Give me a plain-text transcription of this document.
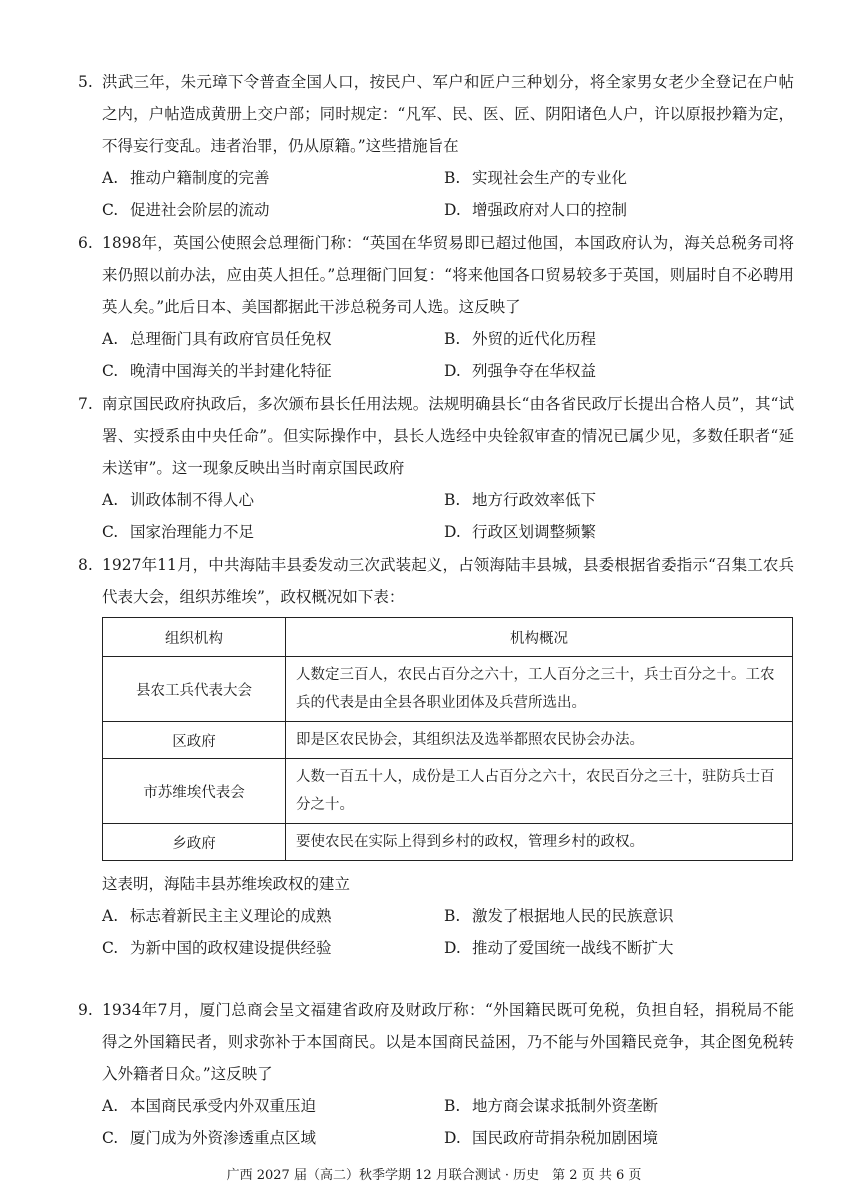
5. 洪武三年，朱元璋下令普查全国人口，按民户、军户和匠户三种划分，将全家男女老少全登记在户帖之内，户帖造成黄册上交户部；同时规定：“凡军、民、医、匠、阴阳诸色人户，许以原报抄籍为定，不得妄行变乱。违者治罪，仍从原籍。”这些措施旨在
A. 推动户籍制度的完善	B. 实现社会生产的专业化
C. 促进社会阶层的流动	D. 增强政府对人口的控制
6. 1898年，英国公使照会总理衙门称：“英国在华贸易即已超过他国，本国政府认为，海关总税务司将来仍照以前办法，应由英人担任。”总理衙门回复：“将来他国各口贸易较多于英国，则届时自不必聘用英人矣。”此后日本、美国都据此干涉总税务司人选。这反映了
A. 总理衙门具有政府官员任免权	B. 外贸的近代化历程
C. 晚清中国海关的半封建化特征	D. 列强争夺在华权益
7. 南京国民政府执政后，多次颁布县长任用法规。法规明确县长“由各省民政厅长提出合格人员”，其“试署、实授系由中央任命”。但实际操作中，县长人选经中央铨叙审查的情况已属少见，多数任职者“延未送审”。这一现象反映出当时南京国民政府
A. 训政体制不得人心	B. 地方行政效率低下
C. 国家治理能力不足	D. 行政区划调整频繁
8. 1927年11月，中共海陆丰县委发动三次武装起义，占领海陆丰县城，县委根据省委指示“召集工农兵代表大会，组织苏维埃”，政权概况如下表：
组织机构	机构概况
县农工兵代表大会	人数定三百人，农民占百分之六十，工人百分之三十，兵士百分之十。工农兵的代表是由全县各职业团体及兵营所选出。
区政府	即是区农民协会，其组织法及选举都照农民协会办法。
市苏维埃代表会	人数一百五十人，成份是工人占百分之六十，农民百分之三十，驻防兵士百分之十。
乡政府	要使农民在实际上得到乡村的政权，管理乡村的政权。
这表明，海陆丰县苏维埃政权的建立
A. 标志着新民主主义理论的成熟	B. 激发了根据地人民的民族意识
C. 为新中国的政权建设提供经验	D. 推动了爱国统一战线不断扩大
9. 1934年7月，厦门总商会呈文福建省政府及财政厅称：“外国籍民既可免税，负担自轻，捐税局不能得之外国籍民者，则求弥补于本国商民。以是本国商民益困，乃不能与外国籍民竞争，其企图免税转入外籍者日众。”这反映了
A. 本国商民承受内外双重压迫	B. 地方商会谋求抵制外资垄断
C. 厦门成为外资渗透重点区域	D. 国民政府苛捐杂税加剧困境
广西 2027 届（高二）秋季学期 12 月联合测试 · 历史　第 2 页 共 6 页
